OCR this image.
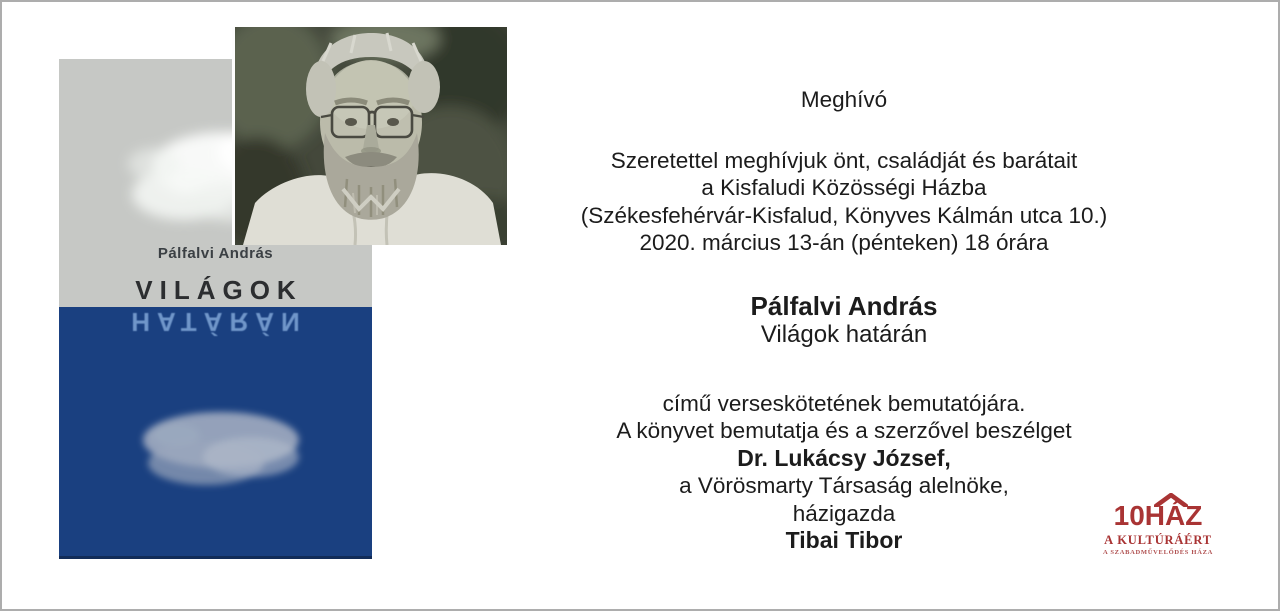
Pálfalvi András
VILÁGOK
HATÁRÁN
Meghívó
Szeretettel meghívjuk önt, családját és barátait
a Kisfaludi Közösségi Házba
(Székesfehérvár-Kisfalud, Könyves Kálmán utca 10.)
2020. március 13-án (pénteken) 18 órára
Pálfalvi András
Világok határán
című verseskötetének bemutatójára.
A könyvet bemutatja és a szerzővel beszélget
Dr. Lukácsy József,
a Vörösmarty Társaság alelnöke,
házigazda
Tibai Tibor
10HÁZ
A KULTÚRÁÉRT
A SZABADMŰVELŐDÉS HÁZA
